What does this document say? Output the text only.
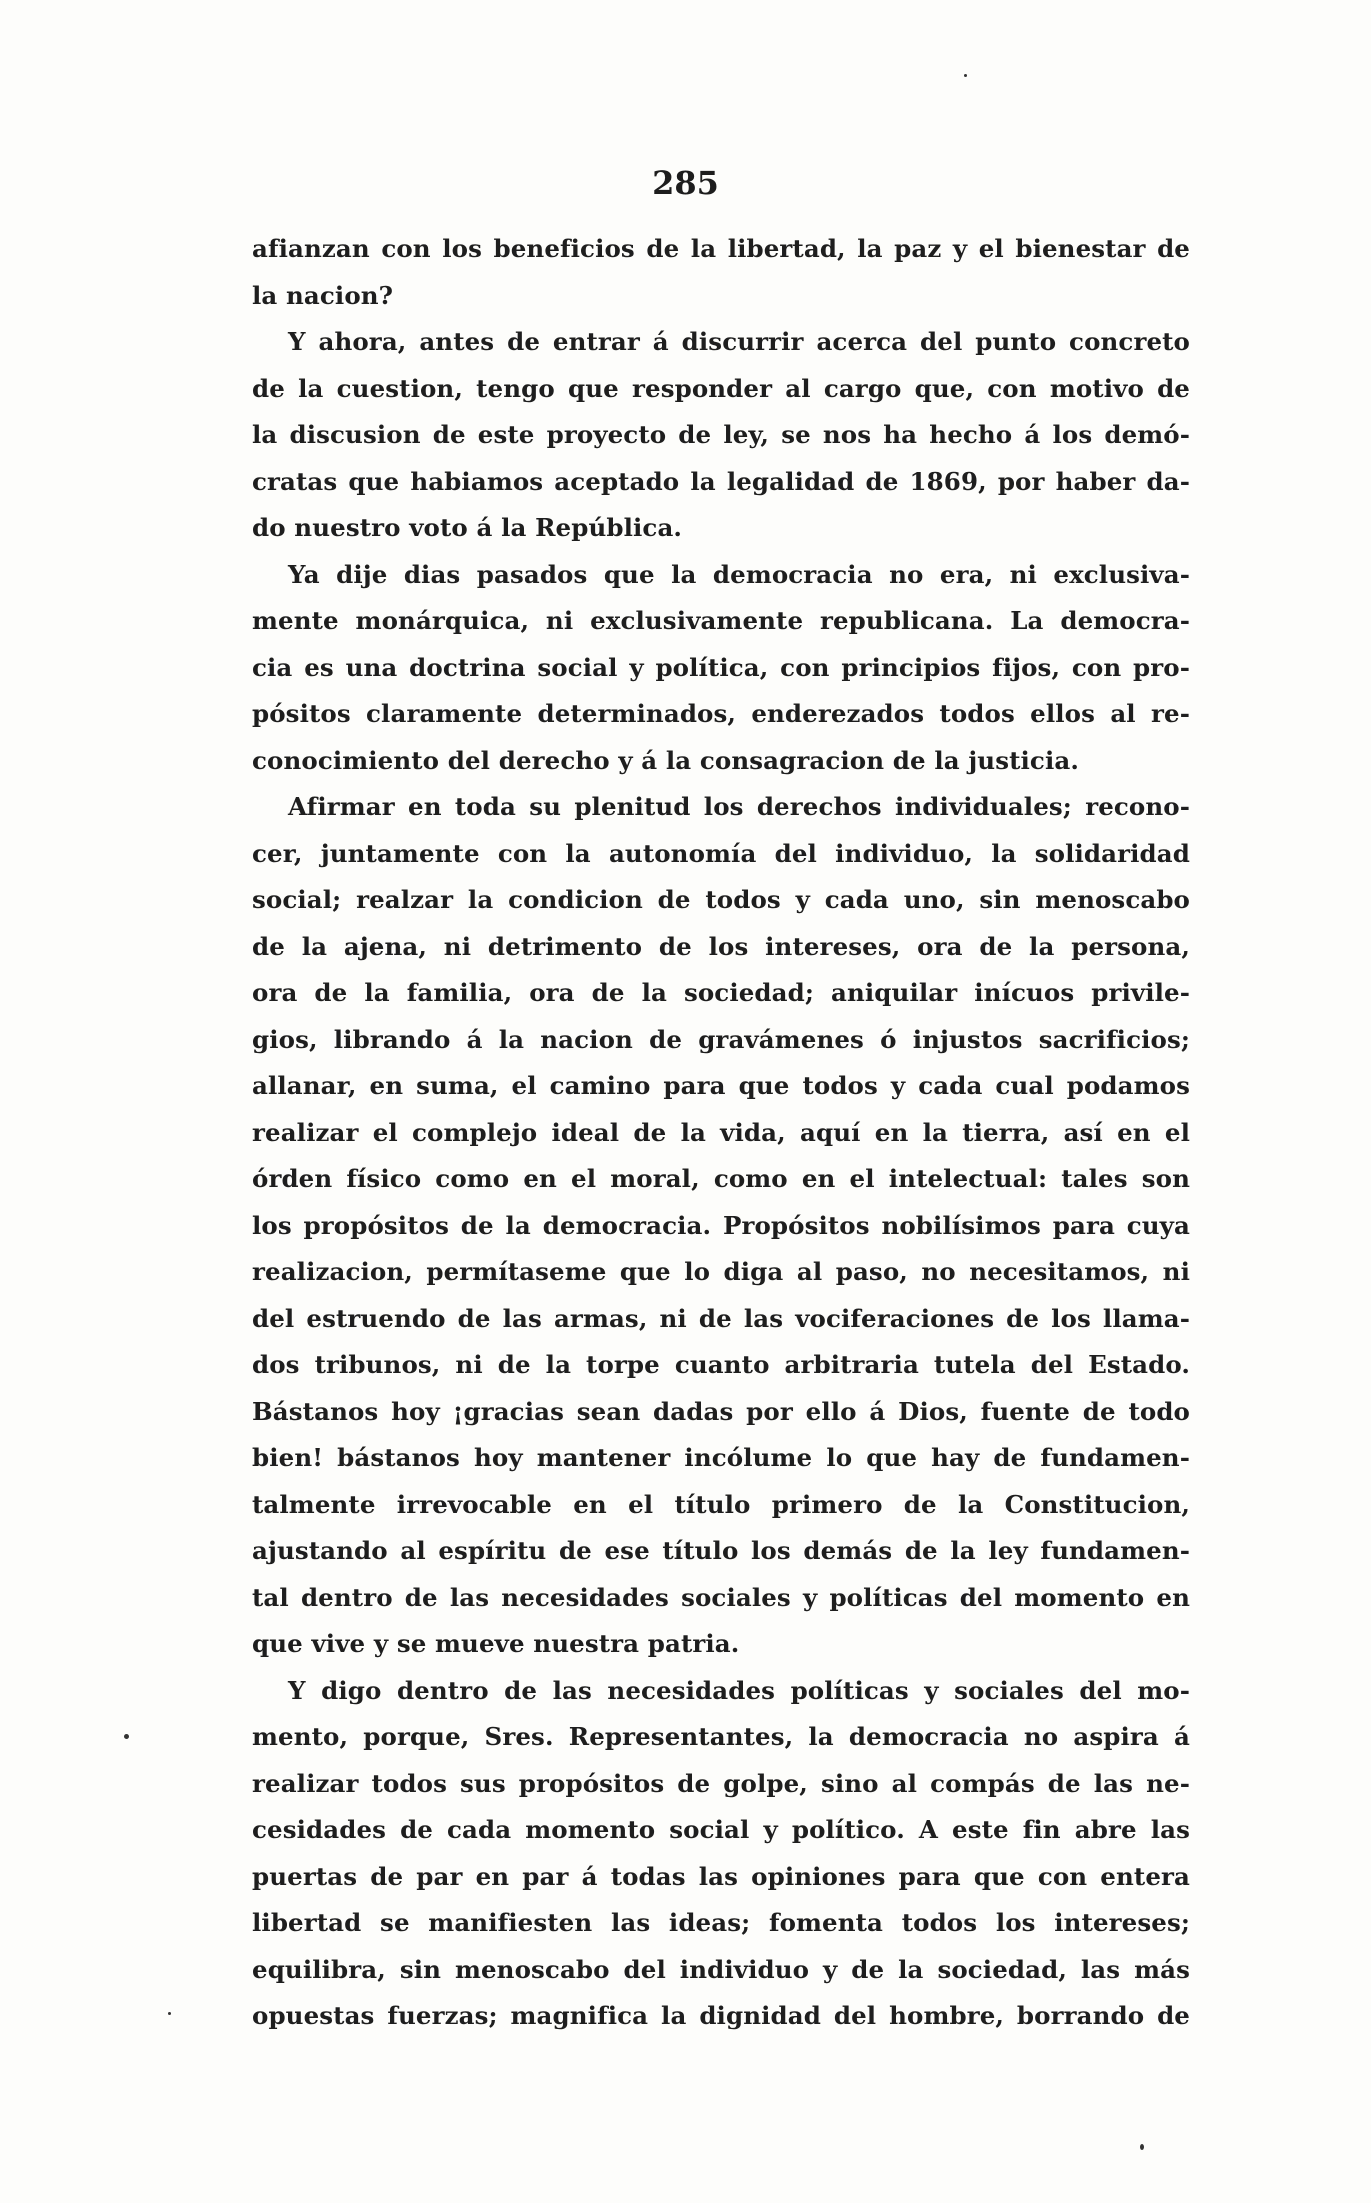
285
afianzan con los beneficios de la libertad, la paz y el bienestar de
la nacion?
Y ahora, antes de entrar á discurrir acerca del punto concreto
de la cuestion, tengo que responder al cargo que, con motivo de
la discusion de este proyecto de ley, se nos ha hecho á los demó-
cratas que habiamos aceptado la legalidad de 1869, por haber da-
do nuestro voto á la República.
Ya dije dias pasados que la democracia no era, ni exclusiva-
mente monárquica, ni exclusivamente republicana. La democra-
cia es una doctrina social y política, con principios fijos, con pro-
pósitos claramente determinados, enderezados todos ellos al re-
conocimiento del derecho y á la consagracion de la justicia.
Afirmar en toda su plenitud los derechos individuales; recono-
cer, juntamente con la autonomía del individuo, la solidaridad
social; realzar la condicion de todos y cada uno, sin menoscabo
de la ajena, ni detrimento de los intereses, ora de la persona,
ora de la familia, ora de la sociedad; aniquilar inícuos privile-
gios, librando á la nacion de gravámenes ó injustos sacrificios;
allanar, en suma, el camino para que todos y cada cual podamos
realizar el complejo ideal de la vida, aquí en la tierra, así en el
órden físico como en el moral, como en el intelectual: tales son
los propósitos de la democracia. Propósitos nobilísimos para cuya
realizacion, permítaseme que lo diga al paso, no necesitamos, ni
del estruendo de las armas, ni de las vociferaciones de los llama-
dos tribunos, ni de la torpe cuanto arbitraria tutela del Estado.
Bástanos hoy ¡gracias sean dadas por ello á Dios, fuente de todo
bien! bástanos hoy mantener incólume lo que hay de fundamen-
talmente irrevocable en el título primero de la Constitucion,
ajustando al espíritu de ese título los demás de la ley fundamen-
tal dentro de las necesidades sociales y políticas del momento en
que vive y se mueve nuestra patria.
Y digo dentro de las necesidades políticas y sociales del mo-
mento, porque, Sres. Representantes, la democracia no aspira á
realizar todos sus propósitos de golpe, sino al compás de las ne-
cesidades de cada momento social y político. A este fin abre las
puertas de par en par á todas las opiniones para que con entera
libertad se manifiesten las ideas; fomenta todos los intereses;
equilibra, sin menoscabo del individuo y de la sociedad, las más
opuestas fuerzas; magnifica la dignidad del hombre, borrando de
